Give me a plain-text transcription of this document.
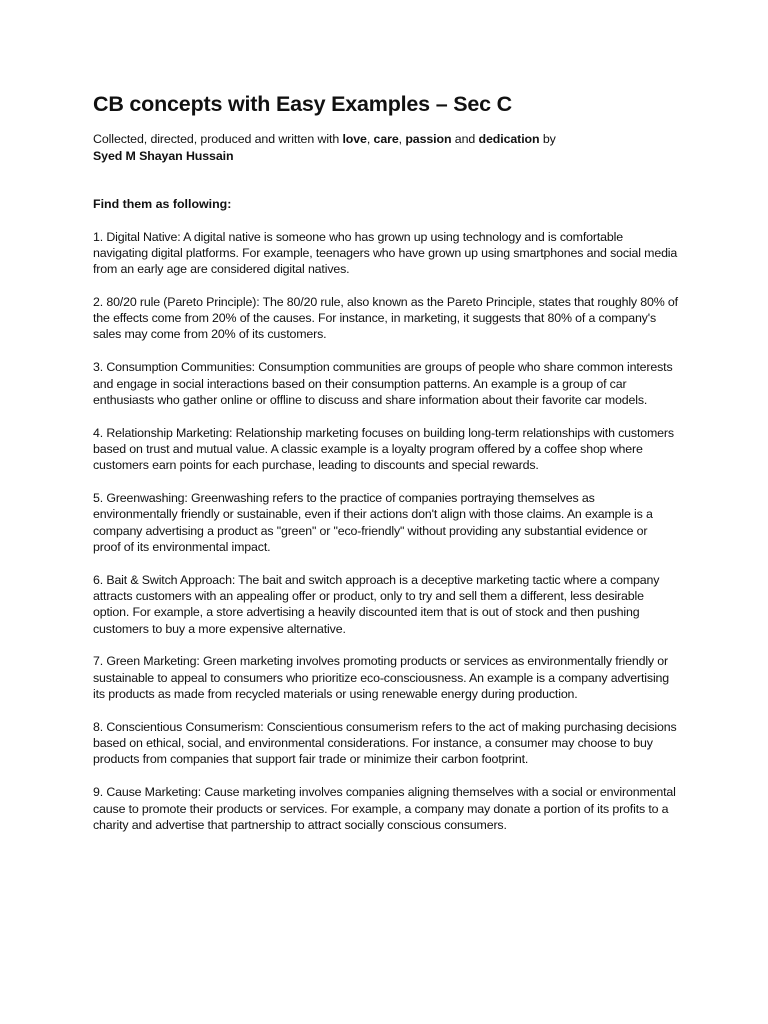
CB concepts with Easy Examples – Sec C
Collected, directed, produced and written with love, care, passion and dedication by
Syed M Shayan Hussain
Find them as following:

1. Digital Native: A digital native is someone who has grown up using technology and is comfortable navigating digital platforms. For example, teenagers who have grown up using smartphones and social media from an early age are considered digital natives.

2. 80/20 rule (Pareto Principle): The 80/20 rule, also known as the Pareto Principle, states that roughly 80% of the effects come from 20% of the causes. For instance, in marketing, it suggests that 80% of a company's sales may come from 20% of its customers.

3. Consumption Communities: Consumption communities are groups of people who share common interests and engage in social interactions based on their consumption patterns. An example is a group of car enthusiasts who gather online or offline to discuss and share information about their favorite car models.

4. Relationship Marketing: Relationship marketing focuses on building long-term relationships with customers based on trust and mutual value. A classic example is a loyalty program offered by a coffee shop where customers earn points for each purchase, leading to discounts and special rewards.

5. Greenwashing: Greenwashing refers to the practice of companies portraying themselves as environmentally friendly or sustainable, even if their actions don't align with those claims. An example is a company advertising a product as "green" or "eco-friendly" without providing any substantial evidence or proof of its environmental impact.

6. Bait & Switch Approach: The bait and switch approach is a deceptive marketing tactic where a company attracts customers with an appealing offer or product, only to try and sell them a different, less desirable option. For example, a store advertising a heavily discounted item that is out of stock and then pushing customers to buy a more expensive alternative.

7. Green Marketing: Green marketing involves promoting products or services as environmentally friendly or sustainable to appeal to consumers who prioritize eco-consciousness. An example is a company advertising its products as made from recycled materials or using renewable energy during production.

8. Conscientious Consumerism: Conscientious consumerism refers to the act of making purchasing decisions based on ethical, social, and environmental considerations. For instance, a consumer may choose to buy products from companies that support fair trade or minimize their carbon footprint.

9. Cause Marketing: Cause marketing involves companies aligning themselves with a social or environmental cause to promote their products or services. For example, a company may donate a portion of its profits to a charity and advertise that partnership to attract socially conscious consumers.
